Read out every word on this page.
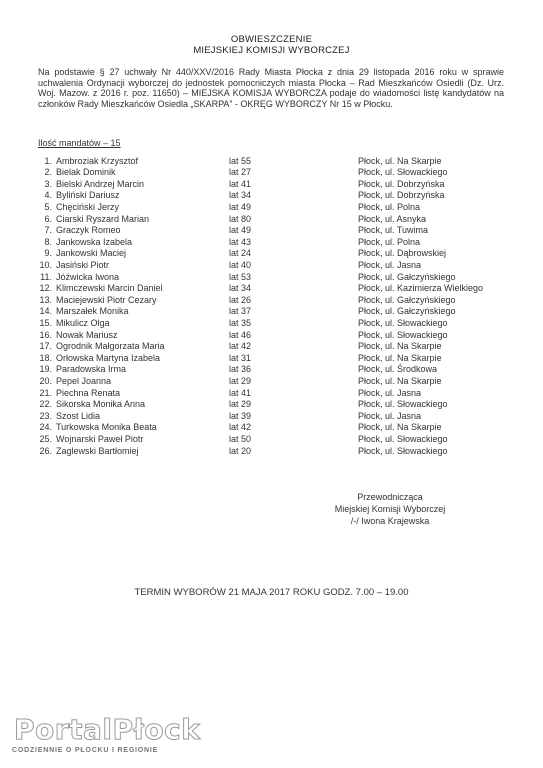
OBWIESZCZENIE
MIEJSKIEJ KOMISJI WYBORCZEJ
Na podstawie § 27 uchwały Nr 440/XXV/2016 Rady Miasta Płocka z dnia 29 listopada 2016 roku w sprawie uchwalenia Ordynacji wyborczej do jednostek pomocniczych miasta Płocka – Rad Mieszkańców Osiedli (Dz. Urz. Woj. Mazow. z 2016 r. poz. 11650) – MIEJSKA KOMISJA WYBORCZA podaje do wiadomości listę kandydatów na członków Rady Mieszkańców Osiedla „SKARPA” - OKRĘG WYBORCZY Nr 15 w Płocku.
Ilość mandatów – 15
1. Ambroziak Krzysztof	lat 55	Płock, ul. Na Skarpie
2. Bielak Dominik	lat 27	Płock, ul. Słowackiego
3. Bielski Andrzej Marcin	lat 41	Płock, ul. Dobrzyńska
4. Byliński Dariusz	lat 34	Płock, ul. Dobrzyńska
5. Chęciński Jerzy	lat 49	Płock, ul. Polna
6. Ciarski Ryszard Marian	lat 80	Płock, ul. Asnyka
7. Graczyk Romeo	lat 49	Płock, ul. Tuwima
8. Jankowska Izabela	lat 43	Płock, ul. Polna
9. Jankowski Maciej	lat 24	Płock, ul. Dąbrowskiej
10. Jasiński Piotr	lat 40	Płock, ul. Jasna
11. Jóźwicka Iwona	lat 53	Płock, ul. Gałczyńskiego
12. Klimczewski Marcin Daniel	lat 34	Płock, ul. Kazimierza Wielkiego
13. Maciejewski Piotr Cezary	lat 26	Płock, ul. Gałczyńskiego
14. Marszałek Monika	lat 37	Płock, ul. Gałczyńskiego
15. Mikulicz Olga	lat 35	Płock, ul. Słowackiego
16. Nowak Mariusz	lat 46	Płock, ul. Słowackiego
17. Ogrodnik Małgorzata Maria	lat 42	Płock, ul. Na Skarpie
18. Orłowska Martyna Izabela	lat 31	Płock, ul. Na Skarpie
19. Paradowska Irma	lat 36	Płock, ul. Środkowa
20. Pepel Joanna	lat 29	Płock, ul. Na Skarpie
21. Piechna Renata	lat 41	Płock, ul. Jasna
22. Sikorska Monika Anna	lat 29	Płock, ul. Słowackiego
23. Szost Lidia	lat 39	Płock, ul. Jasna
24. Turkowska Monika Beata	lat 42	Płock, ul. Na Skarpie
25. Wojnarski Paweł Piotr	lat 50	Płock, ul. Słowackiego
26. Zaglewski Bartłomiej	lat 20	Płock, ul. Słowackiego
Przewodnicząca
Miejskiej Komisji Wyborczej
/-/ Iwona Krajewska
TERMIN WYBORÓW 21 MAJA 2017 ROKU GODZ. 7.00 – 19.00
PortalPłock
CODZIENNIE O PŁOCKU I REGIONIE
